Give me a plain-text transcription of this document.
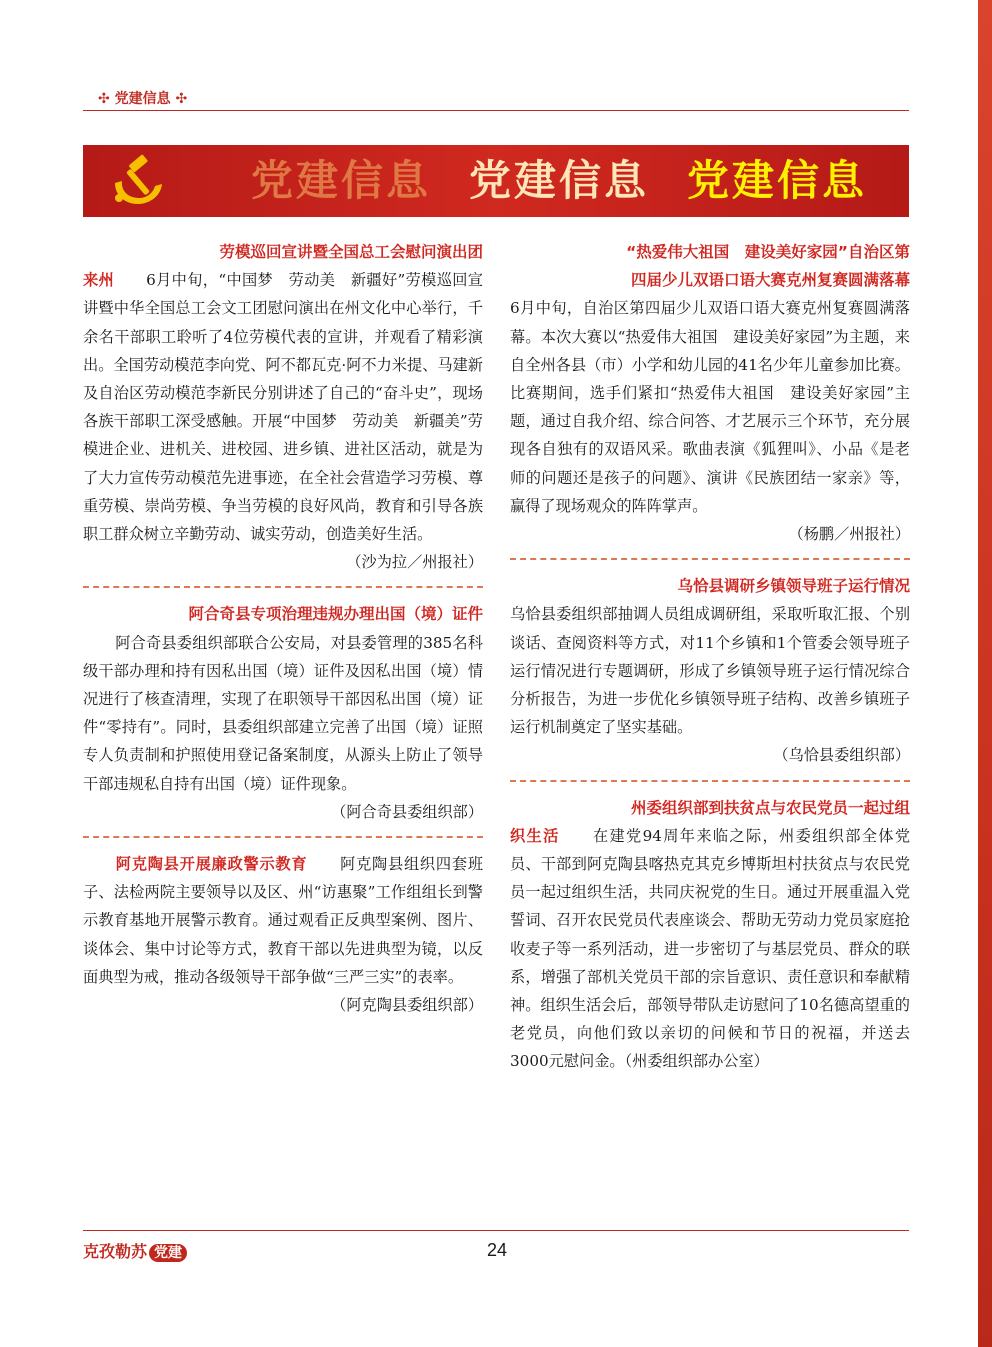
✣ 党建信息 ✣
党建信息 党建信息 党建信息
劳模巡回宣讲暨全国总工会慰问演出团

来州 6月中旬，“中国梦　劳动美　新疆好”劳模巡回宣讲暨中华全国总工会文工团慰问演出在州文化中心举行，千余名干部职工聆听了4位劳模代表的宣讲，并观看了精彩演出。全国劳动模范李向党、阿不都瓦克·阿不力米提、马建新及自治区劳动模范李新民分别讲述了自己的“奋斗史”，现场各族干部职工深受感触。开展“中国梦　劳动美　新疆美”劳模进企业、进机关、进校园、进乡镇、进社区活动，就是为了大力宣传劳动模范先进事迹，在全社会营造学习劳模、尊重劳模、崇尚劳模、争当劳模的良好风尚，教育和引导各族职工群众树立辛勤劳动、诚实劳动，创造美好生活。
（沙为拉／州报社）

阿合奇县专项治理违规办理出国（境）证件

阿合奇县委组织部联合公安局，对县委管理的385名科级干部办理和持有因私出国（境）证件及因私出国（境）情况进行了核查清理，实现了在职领导干部因私出国（境）证件“零持有”。同时，县委组织部建立完善了出国（境）证照专人负责制和护照使用登记备案制度，从源头上防止了领导干部违规私自持有出国（境）证件现象。
（阿合奇县委组织部）

阿克陶县开展廉政警示教育 阿克陶县组织四套班子、法检两院主要领导以及区、州“访惠聚”工作组组长到警示教育基地开展警示教育。通过观看正反典型案例、图片、谈体会、集中讨论等方式，教育干部以先进典型为镜，以反面典型为戒，推动各级领导干部争做“三严三实”的表率。
（阿克陶县委组织部）

“热爱伟大祖国　建设美好家园”自治区第
四届少儿双语口语大赛克州复赛圆满落幕

6月中旬，自治区第四届少儿双语口语大赛克州复赛圆满落幕。本次大赛以“热爱伟大祖国　建设美好家园”为主题，来自全州各县（市）小学和幼儿园的41名少年儿童参加比赛。比赛期间，选手们紧扣“热爱伟大祖国　建设美好家园”主题，通过自我介绍、综合问答、才艺展示三个环节，充分展现各自独有的双语风采。歌曲表演《狐狸叫》、小品《是老师的问题还是孩子的问题》、演讲《民族团结一家亲》等，赢得了现场观众的阵阵掌声。
（杨鹏／州报社）

乌恰县调研乡镇领导班子运行情况

乌恰县委组织部抽调人员组成调研组，采取听取汇报、个别谈话、查阅资料等方式，对11个乡镇和1个管委会领导班子运行情况进行专题调研，形成了乡镇领导班子运行情况综合分析报告，为进一步优化乡镇领导班子结构、改善乡镇班子运行机制奠定了坚实基础。
（乌恰县委组织部）

州委组织部到扶贫点与农民党员一起过组

织生活 在建党94周年来临之际，州委组织部全体党员、干部到阿克陶县喀热克其克乡博斯坦村扶贫点与农民党员一起过组织生活，共同庆祝党的生日。通过开展重温入党誓词、召开农民党员代表座谈会、帮助无劳动力党员家庭抢收麦子等一系列活动，进一步密切了与基层党员、群众的联系，增强了部机关党员干部的宗旨意识、责任意识和奉献精神。组织生活会后，部领导带队走访慰问了10名德高望重的老党员，向他们致以亲切的问候和节日的祝福，并送去3000元慰问金。（州委组织部办公室）

克孜勒苏 党建	24
